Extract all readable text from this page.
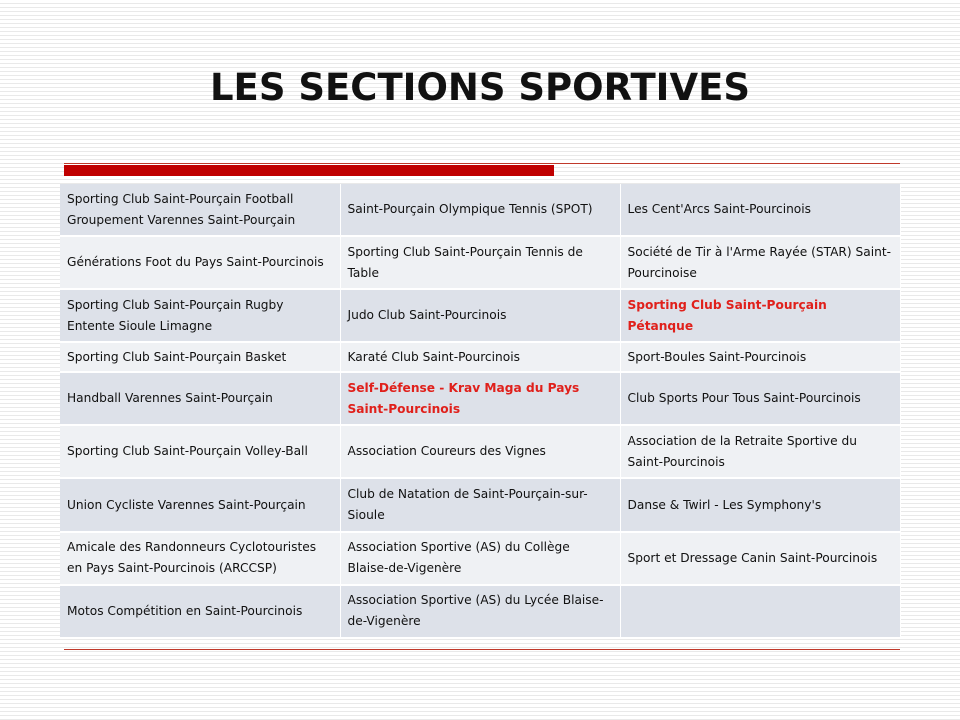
LES SECTIONS SPORTIVES
Sporting Club Saint-Pourçain Football Groupement Varennes Saint-Pourçain	Saint-Pourçain Olympique Tennis (SPOT)	Les Cent'Arcs Saint-Pourcinois
Générations Foot du Pays Saint-Pourcinois	Sporting Club Saint-Pourçain Tennis de Table	Société de Tir à l'Arme Rayée (STAR) Saint-Pourcinoise
Sporting Club Saint-Pourçain Rugby Entente Sioule Limagne	Judo Club Saint-Pourcinois	Sporting Club Saint-Pourçain Pétanque
Sporting Club Saint-Pourçain Basket	Karaté Club Saint-Pourcinois	Sport-Boules Saint-Pourcinois
Handball Varennes Saint-Pourçain	Self-Défense - Krav Maga du Pays Saint-Pourcinois	Club Sports Pour Tous Saint-Pourcinois
Sporting Club Saint-Pourçain Volley-Ball	Association Coureurs des Vignes	Association de la Retraite Sportive du Saint-Pourcinois
Union Cycliste Varennes Saint-Pourçain	Club de Natation de Saint-Pourçain-sur-Sioule	Danse & Twirl - Les Symphony's
Amicale des Randonneurs Cyclotouristes en Pays Saint-Pourcinois (ARCCSP)	Association Sportive (AS) du Collège Blaise-de-Vigenère	Sport et Dressage Canin Saint-Pourcinois
Motos Compétition en Saint-Pourcinois	Association Sportive (AS) du Lycée Blaise-de-Vigenère	
